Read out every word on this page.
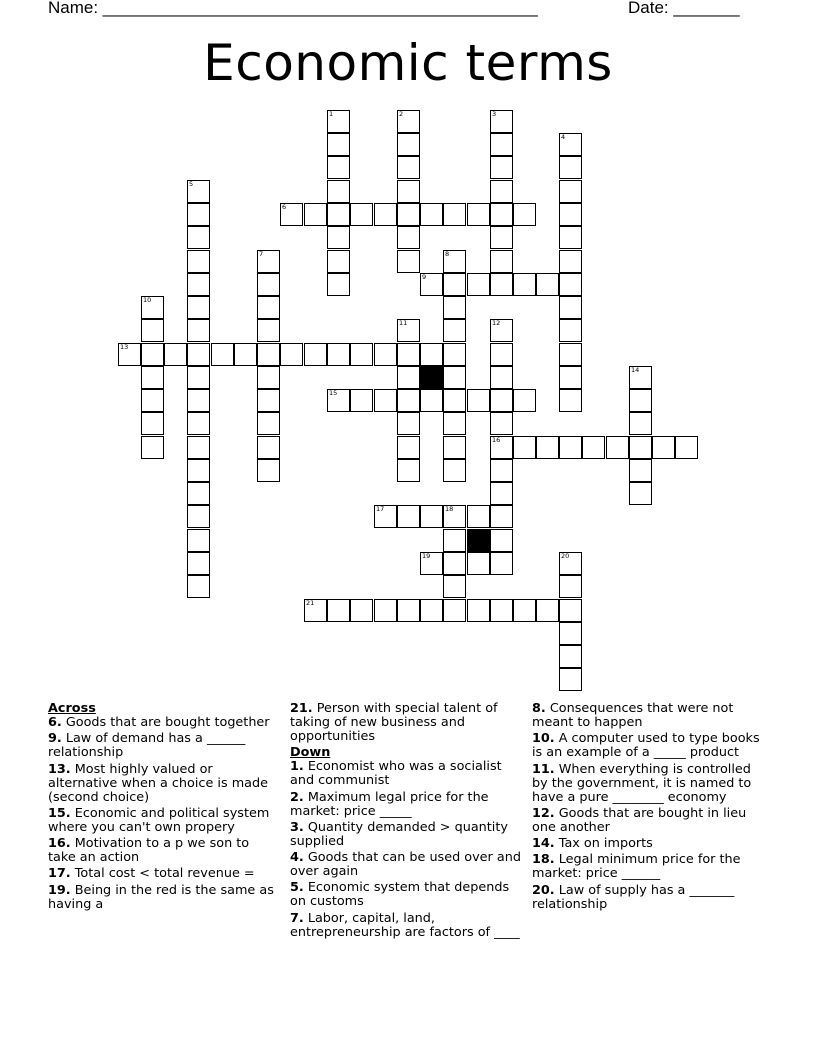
Name: ______________________________________________	Date: _______
Economic terms
1	2	3
4
5
6
7	8
9
10
11	12
16
13
14
15
17	18
19	20
21
Across
6. Goods that are bought together
9. Law of demand has a ______ relationship
13. Most highly valued or alternative when a choice is made (second choice)
15. Economic and political system where you can't own propery
16. Motivation to a p we son to take an action
17. Total cost < total revenue =
19. Being in the red is the same as having a
21. Person with special talent of taking of new business and opportunities
Down
1. Economist who was a socialist and communist
2. Maximum legal price for the market: price _____
3. Quantity demanded > quantity supplied
4. Goods that can be used over and over again
5. Economic system that depends on customs
7. Labor, capital, land, entrepreneurship are factors of ____
8. Consequences that were not meant to happen
10. A computer used to type books is an example of a _____ product
11. When everything is controlled by the government, it is named to have a pure ________ economy
12. Goods that are bought in lieu one another
14. Tax on imports
18. Legal minimum price for the market: price ______
20. Law of supply has a _______ relationship
